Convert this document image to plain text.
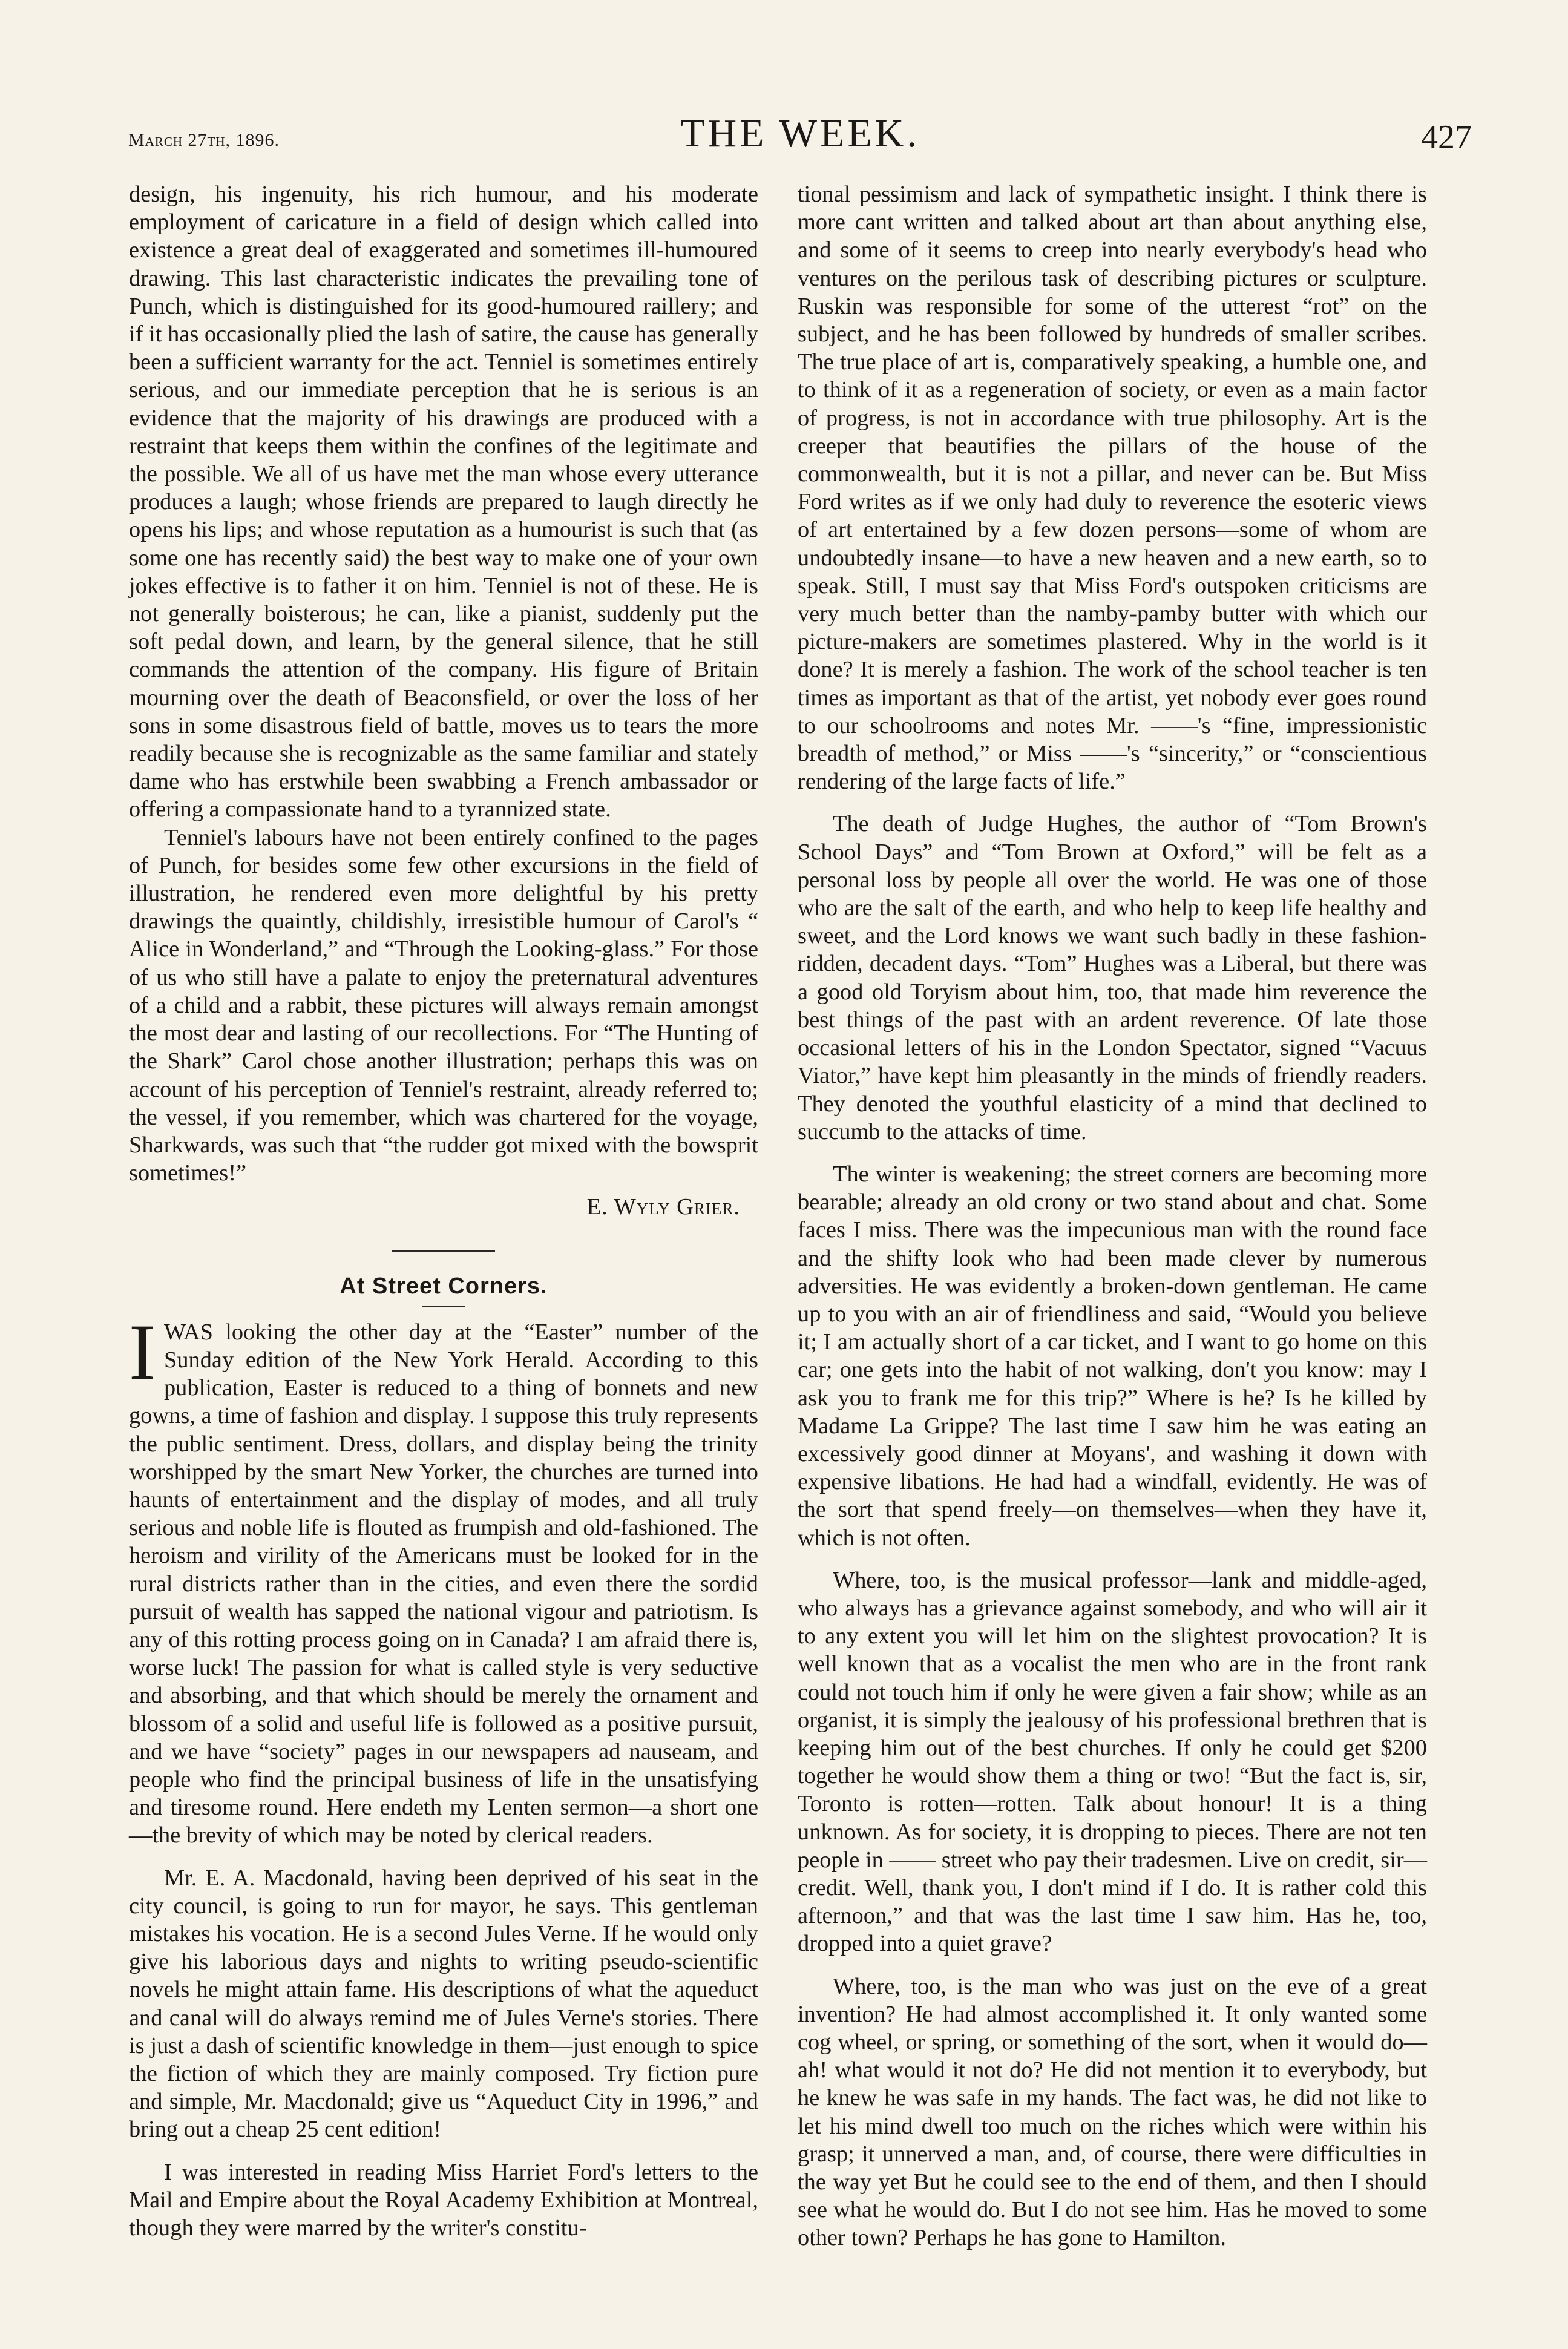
March 27th, 1896.	THE WEEK.	427

design, his ingenuity, his rich humour, and his moderate employment of caricature in a field of design which called into existence a great deal of exaggerated and sometimes ill-humoured drawing. This last characteristic indicates the prevailing tone of Punch, which is distinguished for its good-humoured raillery; and if it has occasionally plied the lash of satire, the cause has generally been a sufficient warranty for the act. Tenniel is sometimes entirely serious, and our immediate perception that he is serious is an evidence that the majority of his drawings are produced with a restraint that keeps them within the confines of the legitimate and the possible. We all of us have met the man whose every utterance produces a laugh; whose friends are prepared to laugh directly he opens his lips; and whose reputation as a humourist is such that (as some one has recently said) the best way to make one of your own jokes effective is to father it on him. Tenniel is not of these. He is not generally boisterous; he can, like a pianist, suddenly put the soft pedal down, and learn, by the general silence, that he still commands the attention of the company. His figure of Britain mourning over the death of Beaconsfield, or over the loss of her sons in some disastrous field of battle, moves us to tears the more readily because she is recognizable as the same familiar and stately dame who has erstwhile been swabbing a French ambassador or offering a compassionate hand to a tyrannized state.

Tenniel's labours have not been entirely confined to the pages of Punch, for besides some few other excursions in the field of illustration, he rendered even more delightful by his pretty drawings the quaintly, childishly, irresistible humour of Carol's “ Alice in Wonderland,” and “Through the Looking-glass.” For those of us who still have a palate to enjoy the preternatural adventures of a child and a rabbit, these pictures will always remain amongst the most dear and lasting of our recollections. For “The Hunting of the Shark” Carol chose another illustration; perhaps this was on account of his perception of Tenniel's restraint, already referred to; the vessel, if you remember, which was chartered for the voyage, Sharkwards, was such that “the rudder got mixed with the bowsprit sometimes!”

E. Wyly Grier.
At Street Corners.

IWAS looking the other day at the “Easter” number of the Sunday edition of the New York Herald. According to this publication, Easter is reduced to a thing of bonnets and new gowns, a time of fashion and display. I suppose this truly represents the public sentiment. Dress, dollars, and display being the trinity worshipped by the smart New Yorker, the churches are turned into haunts of entertainment and the display of modes, and all truly serious and noble life is flouted as frumpish and old-fashioned. The heroism and virility of the Americans must be looked for in the rural districts rather than in the cities, and even there the sordid pursuit of wealth has sapped the national vigour and patriotism. Is any of this rotting process going on in Canada? I am afraid there is, worse luck! The passion for what is called style is very seductive and absorbing, and that which should be merely the ornament and blossom of a solid and useful life is followed as a positive pursuit, and we have “society” pages in our newspapers ad nauseam, and people who find the principal business of life in the unsatisfying and tiresome round. Here endeth my Lenten sermon—a short one—the brevity of which may be noted by clerical readers.

Mr. E. A. Macdonald, having been deprived of his seat in the city council, is going to run for mayor, he says. This gentleman mistakes his vocation. He is a second Jules Verne. If he would only give his laborious days and nights to writing pseudo-scientific novels he might attain fame. His descriptions of what the aqueduct and canal will do always remind me of Jules Verne's stories. There is just a dash of scientific knowledge in them—just enough to spice the fiction of which they are mainly composed. Try fiction pure and simple, Mr. Macdonald; give us “Aqueduct City in 1996,” and bring out a cheap 25 cent edition!

I was interested in reading Miss Harriet Ford's letters to the Mail and Empire about the Royal Academy Exhibition at Montreal, though they were marred by the writer's constitu-

tional pessimism and lack of sympathetic insight. I think there is more cant written and talked about art than about anything else, and some of it seems to creep into nearly everybody's head who ventures on the perilous task of describing pictures or sculpture. Ruskin was responsible for some of the utterest “rot” on the subject, and he has been followed by hundreds of smaller scribes. The true place of art is, comparatively speaking, a humble one, and to think of it as a regeneration of society, or even as a main factor of progress, is not in accordance with true philosophy. Art is the creeper that beautifies the pillars of the house of the commonwealth, but it is not a pillar, and never can be. But Miss Ford writes as if we only had duly to reverence the esoteric views of art entertained by a few dozen persons—some of whom are undoubtedly insane—to have a new heaven and a new earth, so to speak. Still, I must say that Miss Ford's outspoken criticisms are very much better than the namby-pamby butter with which our picture-makers are sometimes plastered. Why in the world is it done? It is merely a fashion. The work of the school teacher is ten times as important as that of the artist, yet nobody ever goes round to our schoolrooms and notes Mr. ——'s “fine, impressionistic breadth of method,” or Miss ——'s “sincerity,” or “conscientious rendering of the large facts of life.”

The death of Judge Hughes, the author of “Tom Brown's School Days” and “Tom Brown at Oxford,” will be felt as a personal loss by people all over the world. He was one of those who are the salt of the earth, and who help to keep life healthy and sweet, and the Lord knows we want such badly in these fashion-ridden, decadent days. “Tom” Hughes was a Liberal, but there was a good old Toryism about him, too, that made him reverence the best things of the past with an ardent reverence. Of late those occasional letters of his in the London Spectator, signed “Vacuus Viator,” have kept him pleasantly in the minds of friendly readers. They denoted the youthful elasticity of a mind that declined to succumb to the attacks of time.

The winter is weakening; the street corners are becoming more bearable; already an old crony or two stand about and chat. Some faces I miss. There was the impecunious man with the round face and the shifty look who had been made clever by numerous adversities. He was evidently a broken-down gentleman. He came up to you with an air of friendliness and said, “Would you believe it; I am actually short of a car ticket, and I want to go home on this car; one gets into the habit of not walking, don't you know: may I ask you to frank me for this trip?” Where is he? Is he killed by Madame La Grippe? The last time I saw him he was eating an excessively good dinner at Moyans', and washing it down with expensive libations. He had had a windfall, evidently. He was of the sort that spend freely—on themselves—when they have it, which is not often.

Where, too, is the musical professor—lank and middle-aged, who always has a grievance against somebody, and who will air it to any extent you will let him on the slightest provocation? It is well known that as a vocalist the men who are in the front rank could not touch him if only he were given a fair show; while as an organist, it is simply the jealousy of his professional brethren that is keeping him out of the best churches. If only he could get $200 together he would show them a thing or two! “But the fact is, sir, Toronto is rotten—rotten. Talk about honour! It is a thing unknown. As for society, it is dropping to pieces. There are not ten people in —— street who pay their tradesmen. Live on credit, sir—credit. Well, thank you, I don't mind if I do. It is rather cold this afternoon,” and that was the last time I saw him. Has he, too, dropped into a quiet grave?

Where, too, is the man who was just on the eve of a great invention? He had almost accomplished it. It only wanted some cog wheel, or spring, or something of the sort, when it would do—ah! what would it not do? He did not mention it to everybody, but he knew he was safe in my hands. The fact was, he did not like to let his mind dwell too much on the riches which were within his grasp; it unnerved a man, and, of course, there were difficulties in the way yet But he could see to the end of them, and then I should see what he would do. But I do not see him. Has he moved to some other town? Perhaps he has gone to Hamilton.
